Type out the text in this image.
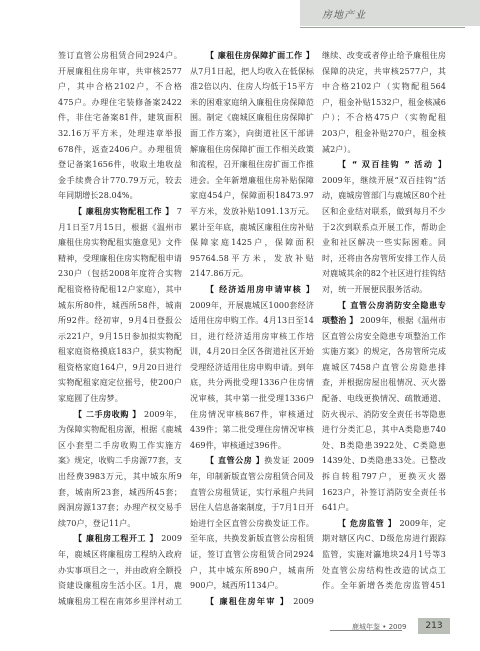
房地产业

签订直管公房租赁合同2924户。开展廉租住房年审，共审核2577户，其中合格2102户，不合格475户。办理住宅装修备案2422件，非住宅备案81件，建筑面积32.16万平方米，处理违章举报678件，返查2406户。办理租赁登记备案1656件，收取土地收益金手续费合计770.79万元，较去年同期增长28.04%。

【 廉租房实物配租工作 】 7月1日至7月15日，根据《温州市廉租住房实物配租实施意见》文件精神，受理廉租住房实物配租申请230户（包括2008年度符合实物配租资格待配租12户家庭），其中城东所80件，城西所58件，城南所92件。经初审，9月4日登报公示221户，9月15日参加拟实物配租家庭资格摸底183户，获实物配租资格家庭164户，9月20日进行实物配租家庭定位摇号，使200户家庭圆了住房梦。

【 二手房收购 】 2009年，为保障实物配租房源，根据《鹿城区小套型二手房收购工作实施方案》规定，收购二手房源77套，支出经费3983万元，其中城东所9套，城南所23套，城西所45套；阁洞房源137套；办理产权交易手续70户，登记11户。

【 廉租房工程开工 】 2009年，鹿城区将廉租房工程纳入政府办实事项目之一，并由政府全额投资建设廉租房生活小区。1月，鹿城廉租房工程在南郊乡里洋村动工

【 廉租住房保障扩面工作 】 从7月1日起，把人均收入在低保标准2倍以内、住房人均低于15平方米的困难家庭纳入廉租住房保障范围。制定《鹿城区廉租住房保障扩面工作方案》，向街道社区干部讲解廉租住房保障扩面工作相关政策和流程，召开廉租住房扩面工作推进会。全年新增廉租住房补贴保障家庭454户，保障面积18473.97平方米，发放补贴1091.13万元。累计至年底，鹿城区廉租住房补贴保障家庭1425户，保障面积95764.58平方米，发放补贴2147.86万元。

【 经济适用房申请审核 】 2009年，开展鹿城区1000套经济适用住房申购工作。4月13日至14日，进行经济适用房审核工作培训，4月20日全区各街道社区开始受理经济适用住房申购申请。到年底，共分两批受理1336户住房情况审核，其中第一批受理1336户住房情况审核867件，审核通过439件；第二批受理住房情况审核469件，审核通过396件。

【 直管公房 】换发证 2009年，印制新版直管公房租赁合同及直管公房租赁证，实行承租户共同居住人信息备案制度，于7月1日开始进行全区直管公房换发证工作。至年底，共换发新版直管公房租赁证，签订直管公房租赁合同2924户，其中城东所890户，城南所900户，城西所1134户。

【 廉租住房年审 】 2009

继续、改变或者停止给予廉租住房保障的决定，共审核2577户，其中合格2102户（实物配租564户，租金补贴1532户，租金核减6户）；不合格475户（实物配租203户，租金补贴270户，租金核减2户）。

【 “ 双百挂钩 ” 活动 】 2009年，继续开展“双百挂钩”活动，鹿城房管部门与鹿城区80个社区和企业结对联系，做到每月不少于2次到联系点开展工作，帮助企业和社区解决一些实际困难。同时，还将由各房管所安排工作人员对鹿城其余的82个社区进行挂钩结对，统一开展便民服务活动。

【 直管公房消防安全隐患专项整治 】 2009年，根据《温州市区直管公房安全隐患专项整治工作实施方案》的规定，各房管所完成鹿城区7458户直管公房隐患排查，并根据房屋出租情况、灭火器配备、电线更换情况、疏散通道、防火视示、消防安全责任书等隐患进行分类汇总，其中A类隐患740处、B类隐患3922处、C类隐患1439处、D类隐患33处。已整改拆自转租797户，更换灭火器1623户，补签订消防安全责任书641户。

【 危房监管 】 2009年，定期对辖区内C、D级危房进行跟踪监管，实施对瀛地块24月1号等3处直管公房结构性改造的试点工作。全年新增各类危房监管451

鹿城年鉴 • 2009	213
